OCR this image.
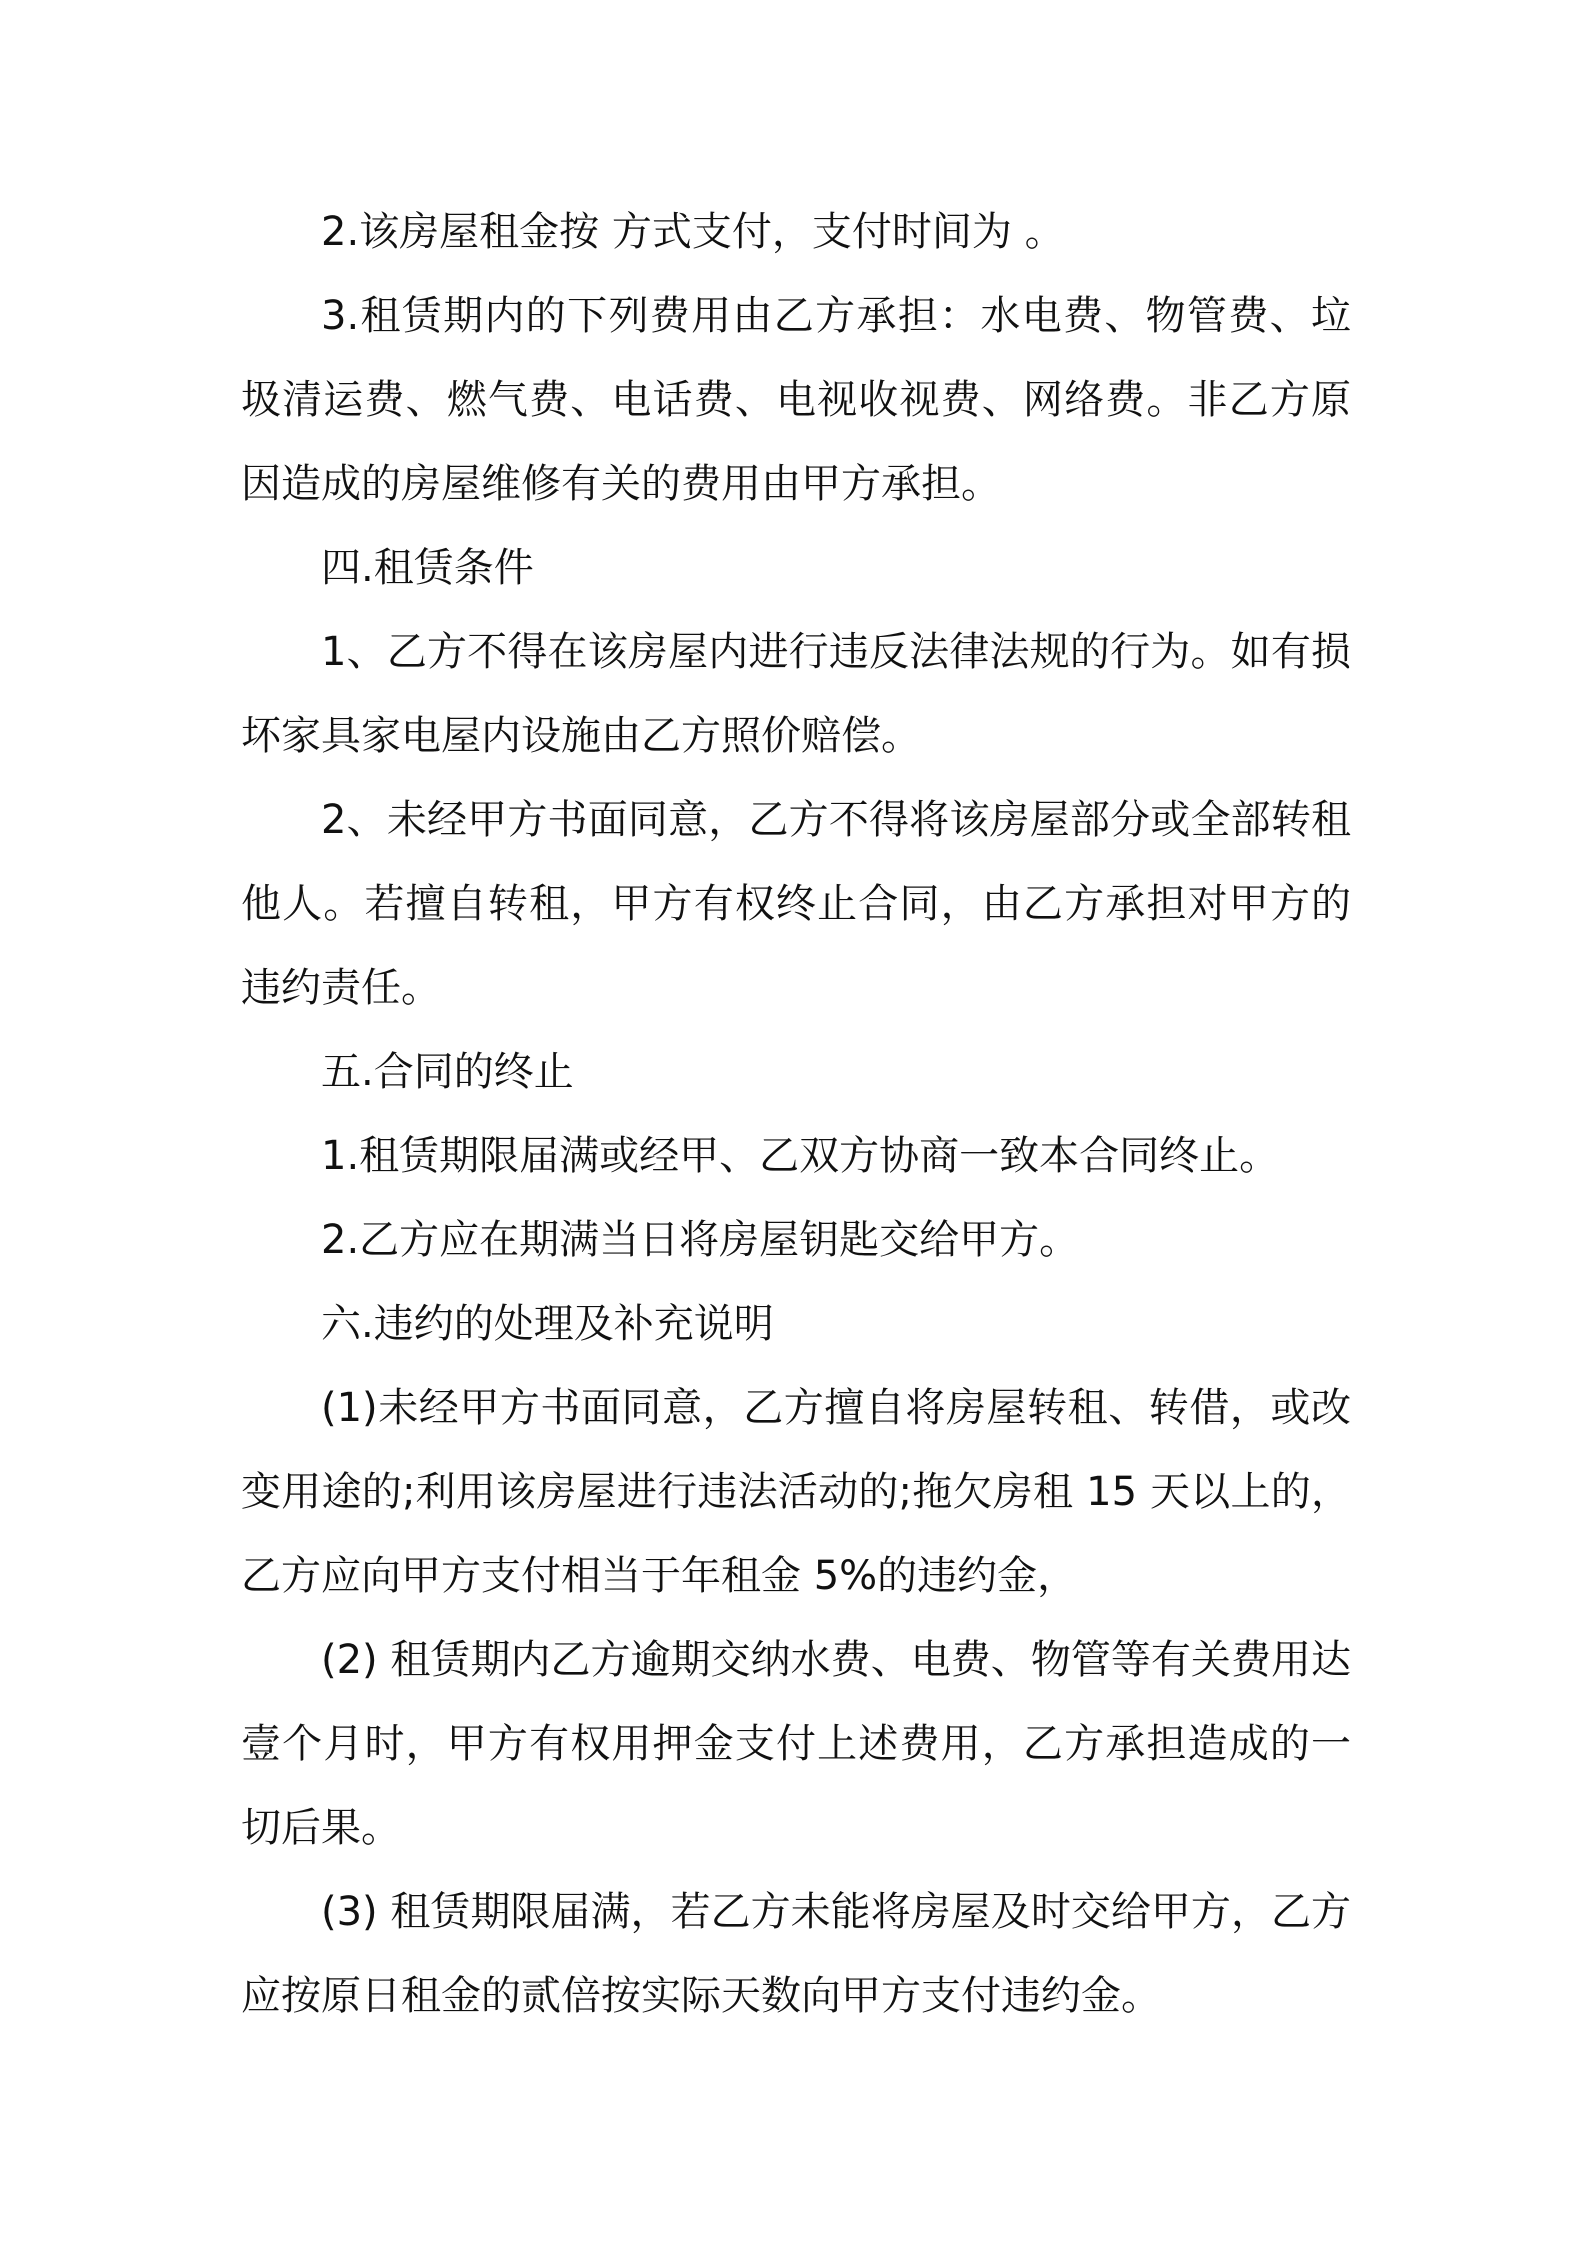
2.该房屋租金按 方式支付，支付时间为 。

3.租赁期内的下列费用由乙方承担：水电费、物管费、垃圾清运费、燃气费、电话费、电视收视费、网络费。非乙方原因造成的房屋维修有关的费用由甲方承担。

四.租赁条件

1、乙方不得在该房屋内进行违反法律法规的行为。如有损坏家具家电屋内设施由乙方照价赔偿。

2、未经甲方书面同意，乙方不得将该房屋部分或全部转租他人。若擅自转租，甲方有权终止合同，由乙方承担对甲方的违约责任。

五.合同的终止

1.租赁期限届满或经甲、乙双方协商一致本合同终止。

2.乙方应在期满当日将房屋钥匙交给甲方。

六.违约的处理及补充说明

(1)未经甲方书面同意，乙方擅自将房屋转租、转借，或改变用途的;利用该房屋进行违法活动的;拖欠房租 15 天以上的，乙方应向甲方支付相当于年租金 5%的违约金，

(2) 租赁期内乙方逾期交纳水费、电费、物管等有关费用达壹个月时，甲方有权用押金支付上述费用，乙方承担造成的一切后果。

(3) 租赁期限届满，若乙方未能将房屋及时交给甲方，乙方应按原日租金的贰倍按实际天数向甲方支付违约金。
